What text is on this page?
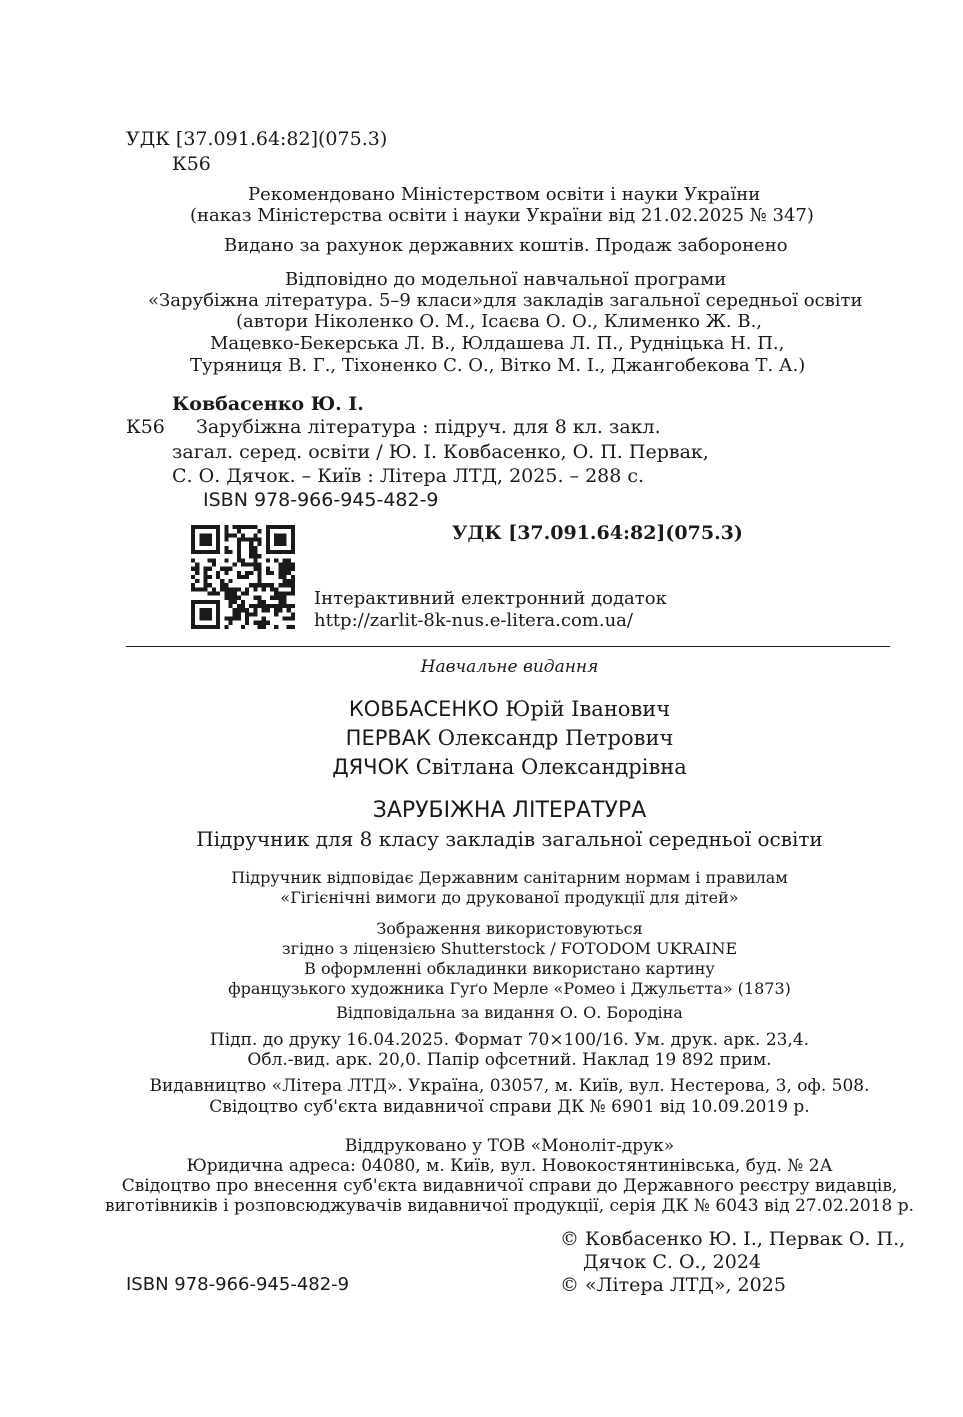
УДК [37.091.64:82](075.3)
К56
Рекомендовано Міністерством освіти і науки України
(наказ Міністерства освіти і науки України від 21.02.2025 № 347)
Видано за рахунок державних коштів. Продаж заборонено
Відповідно до модельної навчальної програми
«Зарубіжна література. 5–9 класи»для закладів загальної середньої освіти
(автори Ніколенко О. М., Ісаєва О. О., Клименко Ж. В.,
Мацевко-Бекерська Л. В., Юлдашева Л. П., Рудніцька Н. П.,
Туряниця В. Г., Тіхоненко С. О., Вітко М. І., Джангобекова Т. А.)
Ковбасенко Ю. І.
К56 Зарубіжна література : підруч. для 8 кл. закл.
загал. серед. освіти / Ю. І. Ковбасенко, О. П. Первак,
С. О. Дячок. – Київ : Літера ЛТД, 2025. – 288 с.
ISBN 978-966-945-482-9
УДК [37.091.64:82](075.3)
Інтерактивний електронний додаток
http://zarlit-8k-nus.e-litera.com.ua/
Навчальне видання
КОВБАСЕНКО Юрій Іванович
ПЕРВАК Олександр Петрович
ДЯЧОК Світлана Олександрівна
ЗАРУБІЖНА ЛІТЕРАТУРА
Підручник для 8 класу закладів загальної середньої освіти
Підручник відповідає Державним санітарним нормам і правилам
«Гігієнічні вимоги до друкованої продукції для дітей»
Зображення використовуються
згідно з ліцензією Shutterstock / FOTODOM UKRAINE
В оформленні обкладинки використано картину
французького художника Гуґо Мерле «Ромео і Джульєтта» (1873)
Відповідальна за видання О. О. Бородіна
Підп. до друку 16.04.2025. Формат 70×100/16. Ум. друк. арк. 23,4.
Обл.-вид. арк. 20,0. Папір офсетний. Наклад 19 892 прим.
Видавництво «Літера ЛТД». Україна, 03057, м. Київ, вул. Нестерова, 3, оф. 508.
Свідоцтво суб'єкта видавничої справи ДК № 6901 від 10.09.2019 р.
Віддруковано у ТОВ «Моноліт-друк»
Юридична адреса: 04080, м. Київ, вул. Новокостянтинівська, буд. № 2А
Свідоцтво про внесення суб'єкта видавничої справи до Державного реєстру видавців,
виготівників і розповсюджувачів видавничої продукції, серія ДК № 6043 від 27.02.2018 р.
© Ковбасенко Ю. І., Первак О. П.,
Дячок С. О., 2024
© «Літера ЛТД», 2025
ISBN 978-966-945-482-9
